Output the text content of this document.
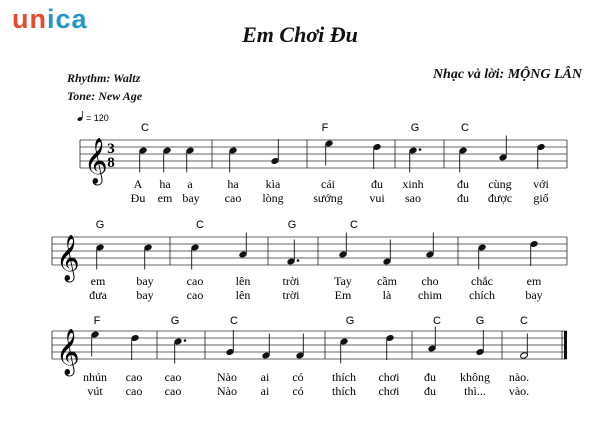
unica
Em Chơi Đu
Rhythm: Waltz
Tone: New Age
Nhạc và lời: MỘNG LÂN
= 120
𝄞 3
8
C	F	G	C
A ha a	ha kìa	cái	đu xinh	đu cùng với
Đu em bay cao lòng sướng vui sao	đu được giố
𝄞
G	C	G	C
em	bay	cao	lên	trời	Tay cầm cho	chắc	em
đưa bay	cao	lên	trời	Em	là chim chích	bay
𝄞
F	G	C	G	C	G	C
nhún cao cao	Nào ai có thích chơi đu không nào.
vút cao cao	Nào ai có thích chơi đu thì... vào.
